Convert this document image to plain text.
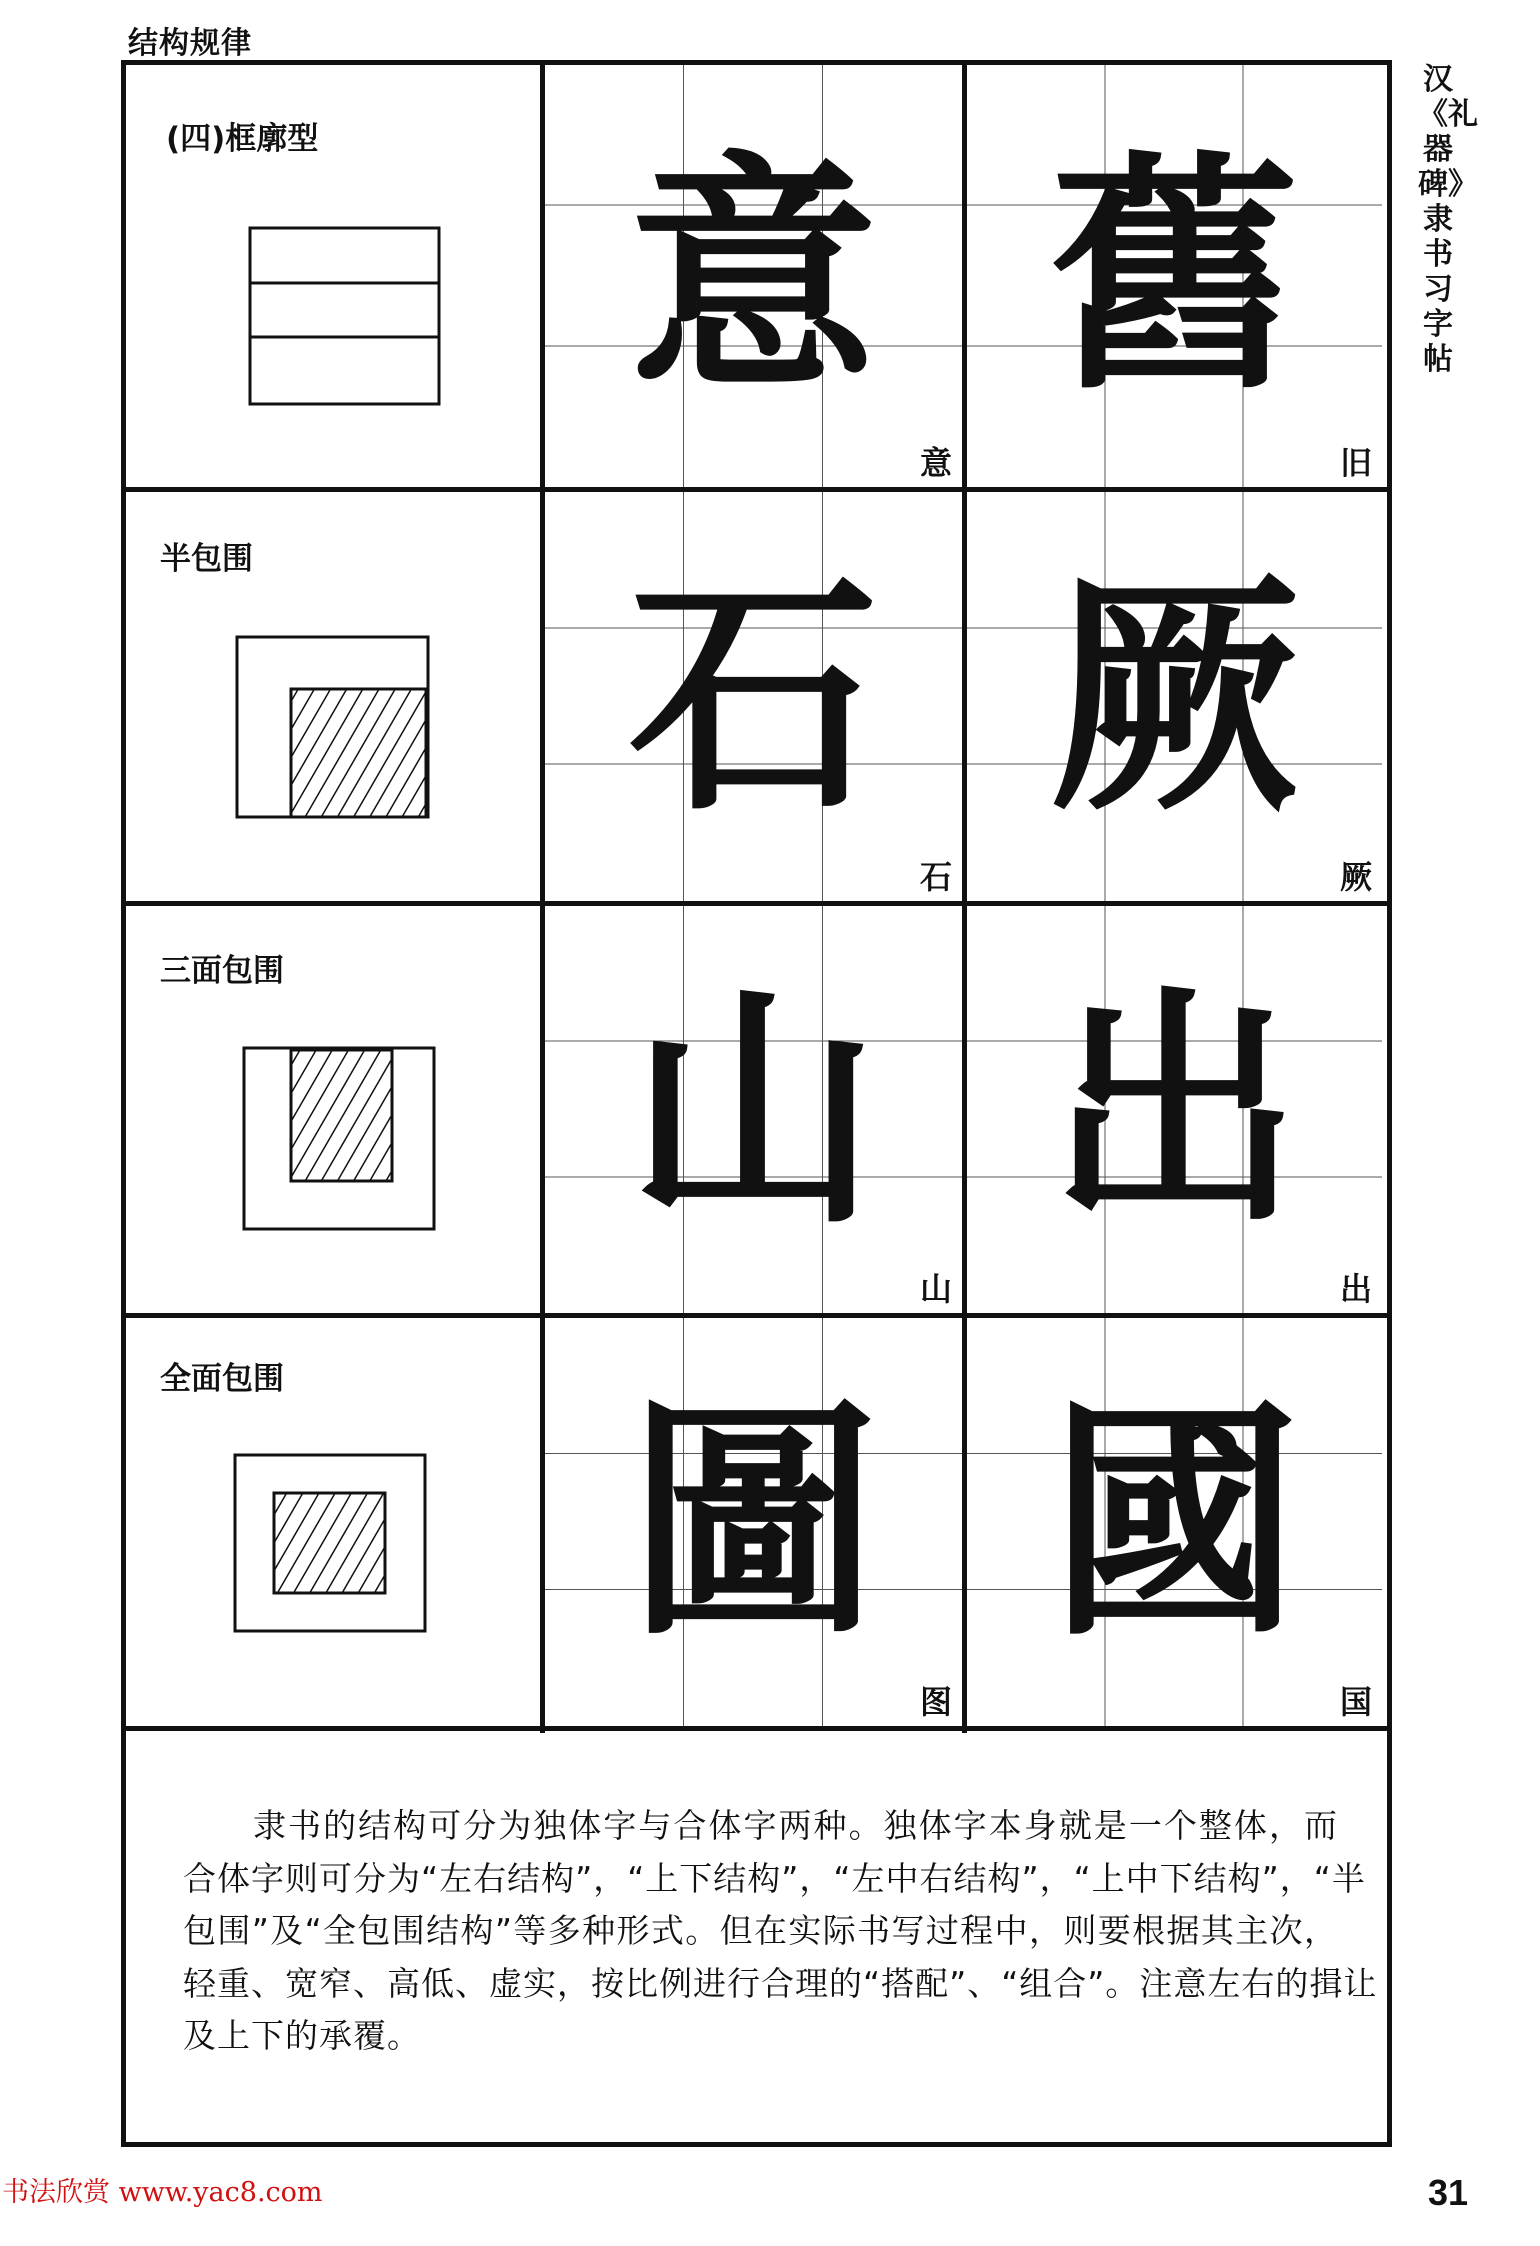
结构规律
汉《礼器碑》隶书习字帖
(四)框廓型
半包围
三面包围
全面包围
意
意
舊
旧
石
石
厥
厥
山
山
出
出
圖
图
國
国
隶书的结构可分为独体字与合体字两种。独体字本身就是一个整体，而
合体字则可分为“左右结构”，“上下结构”，“左中右结构”，“上中下结构”，“半
包围”及“全包围结构”等多种形式。但在实际书写过程中，则要根据其主次，
轻重、宽窄、高低、虚实，按比例进行合理的“搭配”、“组合”。注意左右的揖让
及上下的承覆。
书法欣赏 www.yac8.com	31
